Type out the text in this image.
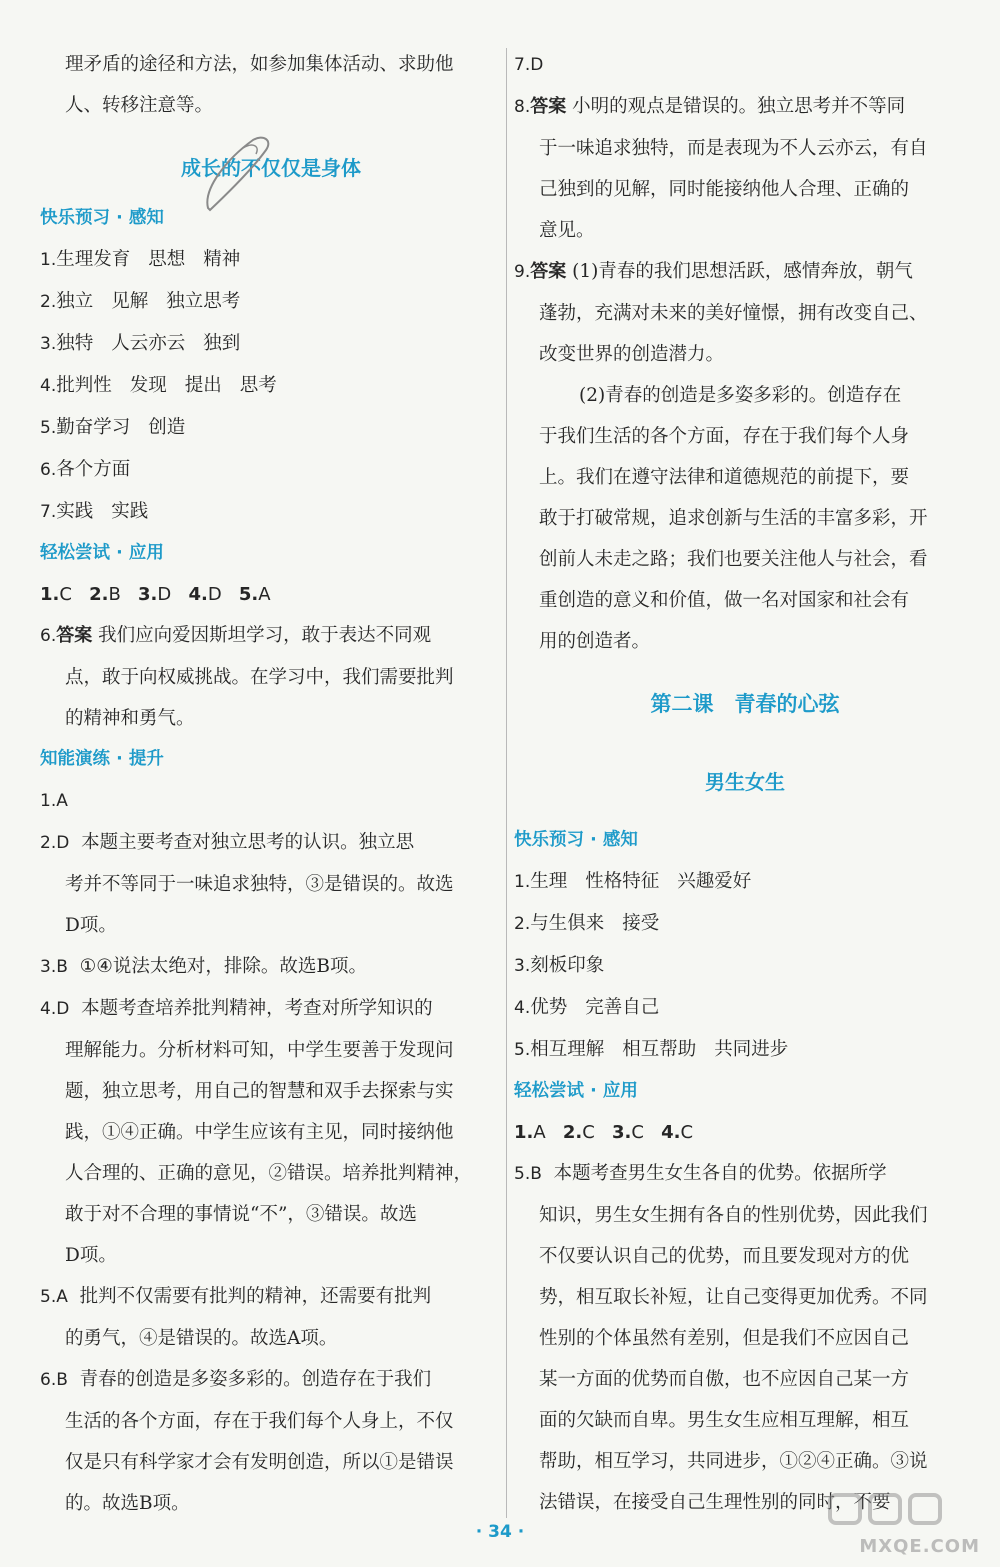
理矛盾的途径和方法，如参加集体活动、求助他

人、转移注意等。

成长的不仅仅是身体

快乐预习 · 感知

1.生理发育 思想 精神

2.独立 见解 独立思考

3.独特 人云亦云 独到

4.批判性 发现 提出 思考

5.勤奋学习 创造

6.各个方面

7.实践 实践

轻松尝试 · 应用

1.C 2.B 3.D 4.D 5.A

6.答案 我们应向爱因斯坦学习，敢于表达不同观

点，敢于向权威挑战。在学习中，我们需要批判

的精神和勇气。

知能演练 · 提升

1.A

2.D 本题主要考查对独立思考的认识。独立思

考并不等同于一味追求独特，③是错误的。故选

D项。

3.B ①④说法太绝对，排除。故选B项。

4.D 本题考查培养批判精神，考查对所学知识的

理解能力。分析材料可知，中学生要善于发现问

题，独立思考，用自己的智慧和双手去探索与实

践，①④正确。中学生应该有主见，同时接纳他

人合理的、正确的意见，②错误。培养批判精神，

敢于对不合理的事情说“不”，③错误。故选

D项。

5.A 批判不仅需要有批判的精神，还需要有批判

的勇气，④是错误的。故选A项。

6.B 青春的创造是多姿多彩的。创造存在于我们

生活的各个方面，存在于我们每个人身上，不仅

仅是只有科学家才会有发明创造，所以①是错误

的。故选B项。

7.D

8.答案 小明的观点是错误的。独立思考并不等同

于一味追求独特，而是表现为不人云亦云，有自

己独到的见解，同时能接纳他人合理、正确的

意见。

9.答案 (1)青春的我们思想活跃，感情奔放，朝气

蓬勃，充满对未来的美好憧憬，拥有改变自己、

改变世界的创造潜力。

(2)青春的创造是多姿多彩的。创造存在

于我们生活的各个方面，存在于我们每个人身

上。我们在遵守法律和道德规范的前提下，要

敢于打破常规，追求创新与生活的丰富多彩，开

创前人未走之路；我们也要关注他人与社会，看

重创造的意义和价值，做一名对国家和社会有

用的创造者。

第二课　青春的心弦

男生女生

快乐预习 · 感知

1.生理 性格特征 兴趣爱好

2.与生俱来 接受

3.刻板印象

4.优势 完善自己

5.相互理解 相互帮助 共同进步

轻松尝试 · 应用

1.A 2.C 3.C 4.C

5.B 本题考查男生女生各自的优势。依据所学

知识，男生女生拥有各自的性别优势，因此我们

不仅要认识自己的优势，而且要发现对方的优

势，相互取长补短，让自己变得更加优秀。不同

性别的个体虽然有差别，但是我们不应因自己

某一方面的优势而自傲，也不应因自己某一方

面的欠缺而自卑。男生女生应相互理解，相互

帮助，相互学习，共同进步，①②④正确。③说

法错误，在接受自己生理性别的同时，不要

· 34 ·
MXQE.COM
